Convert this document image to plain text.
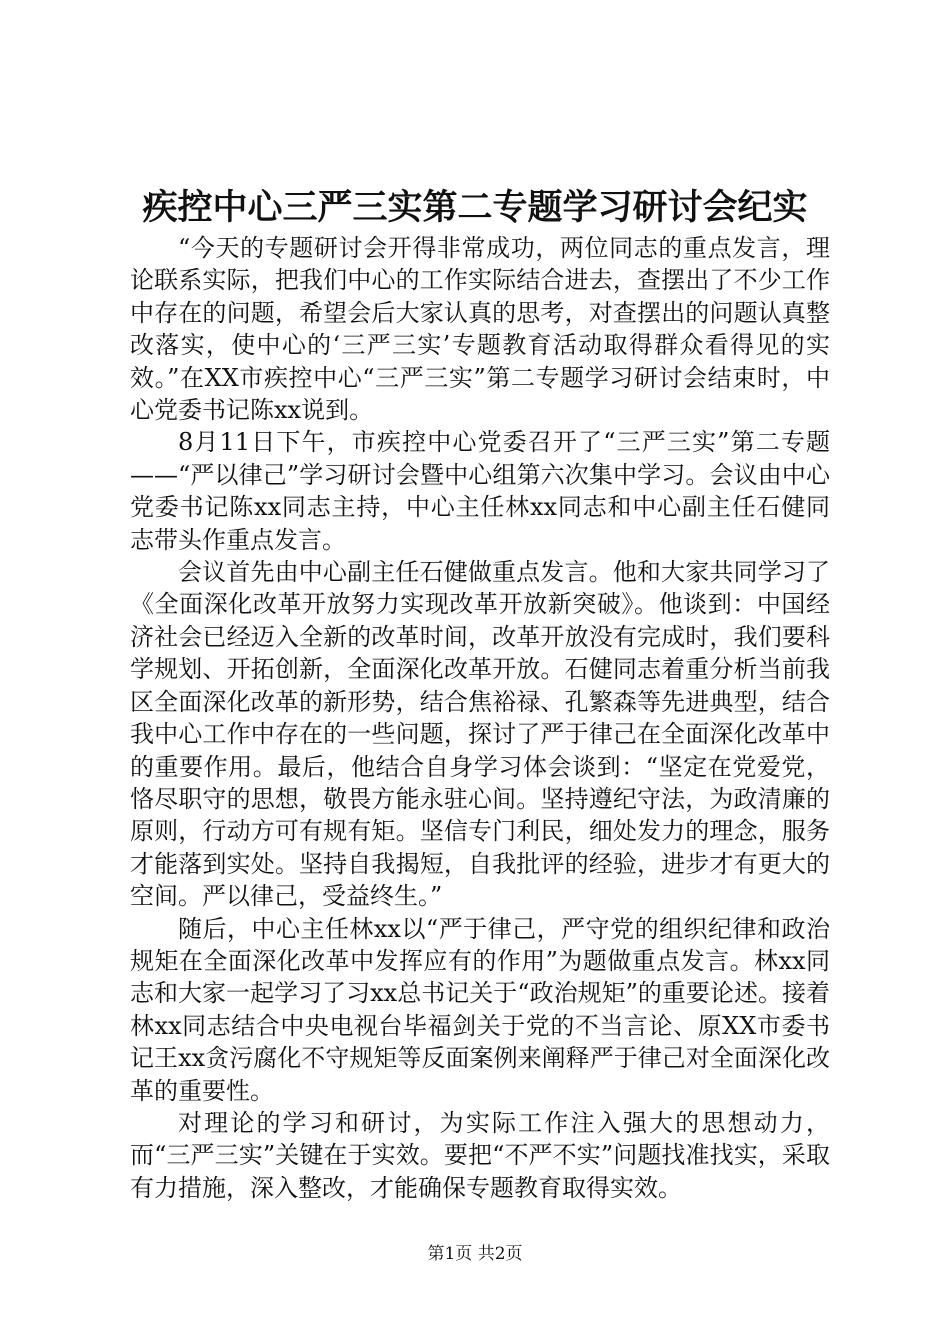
疾控中心三严三实第二专题学习研讨会纪实

“今天的专题研讨会开得非常成功，两位同志的重点发言，理论联系实际，把我们中心的工作实际结合进去，查摆出了不少工作中存在的问题，希望会后大家认真的思考，对查摆出的问题认真整改落实，使中心的‘三严三实’专题教育活动取得群众看得见的实效。”在XX市疾控中心“三严三实”第二专题学习研讨会结束时，中心党委书记陈xx说到。

8月11日下午，市疾控中心党委召开了“三严三实”第二专题——“严以律己”学习研讨会暨中心组第六次集中学习。会议由中心党委书记陈xx同志主持，中心主任林xx同志和中心副主任石健同志带头作重点发言。

会议首先由中心副主任石健做重点发言。他和大家共同学习了《全面深化改革开放努力实现改革开放新突破》。他谈到：中国经济社会已经迈入全新的改革时间，改革开放没有完成时，我们要科学规划、开拓创新，全面深化改革开放。石健同志着重分析当前我区全面深化改革的新形势，结合焦裕禄、孔繁森等先进典型，结合我中心工作中存在的一些问题，探讨了严于律己在全面深化改革中的重要作用。最后，他结合自身学习体会谈到：“坚定在党爱党，恪尽职守的思想，敬畏方能永驻心间。坚持遵纪守法，为政清廉的原则，行动方可有规有矩。坚信专门利民，细处发力的理念，服务才能落到实处。坚持自我揭短，自我批评的经验，进步才有更大的空间。严以律己，受益终生。”

随后，中心主任林xx以“严于律己，严守党的组织纪律和政治规矩在全面深化改革中发挥应有的作用”为题做重点发言。林xx同志和大家一起学习了习xx总书记关于“政治规矩”的重要论述。接着林xx同志结合中央电视台毕福剑关于党的不当言论、原XX市委书记王xx贪污腐化不守规矩等反面案例来阐释严于律己对全面深化改革的重要性。

对理论的学习和研讨，为实际工作注入强大的思想动力，而“三严三实”关键在于实效。要把“不严不实”问题找准找实，采取有力措施，深入整改，才能确保专题教育取得实效。

第1页 共2页
